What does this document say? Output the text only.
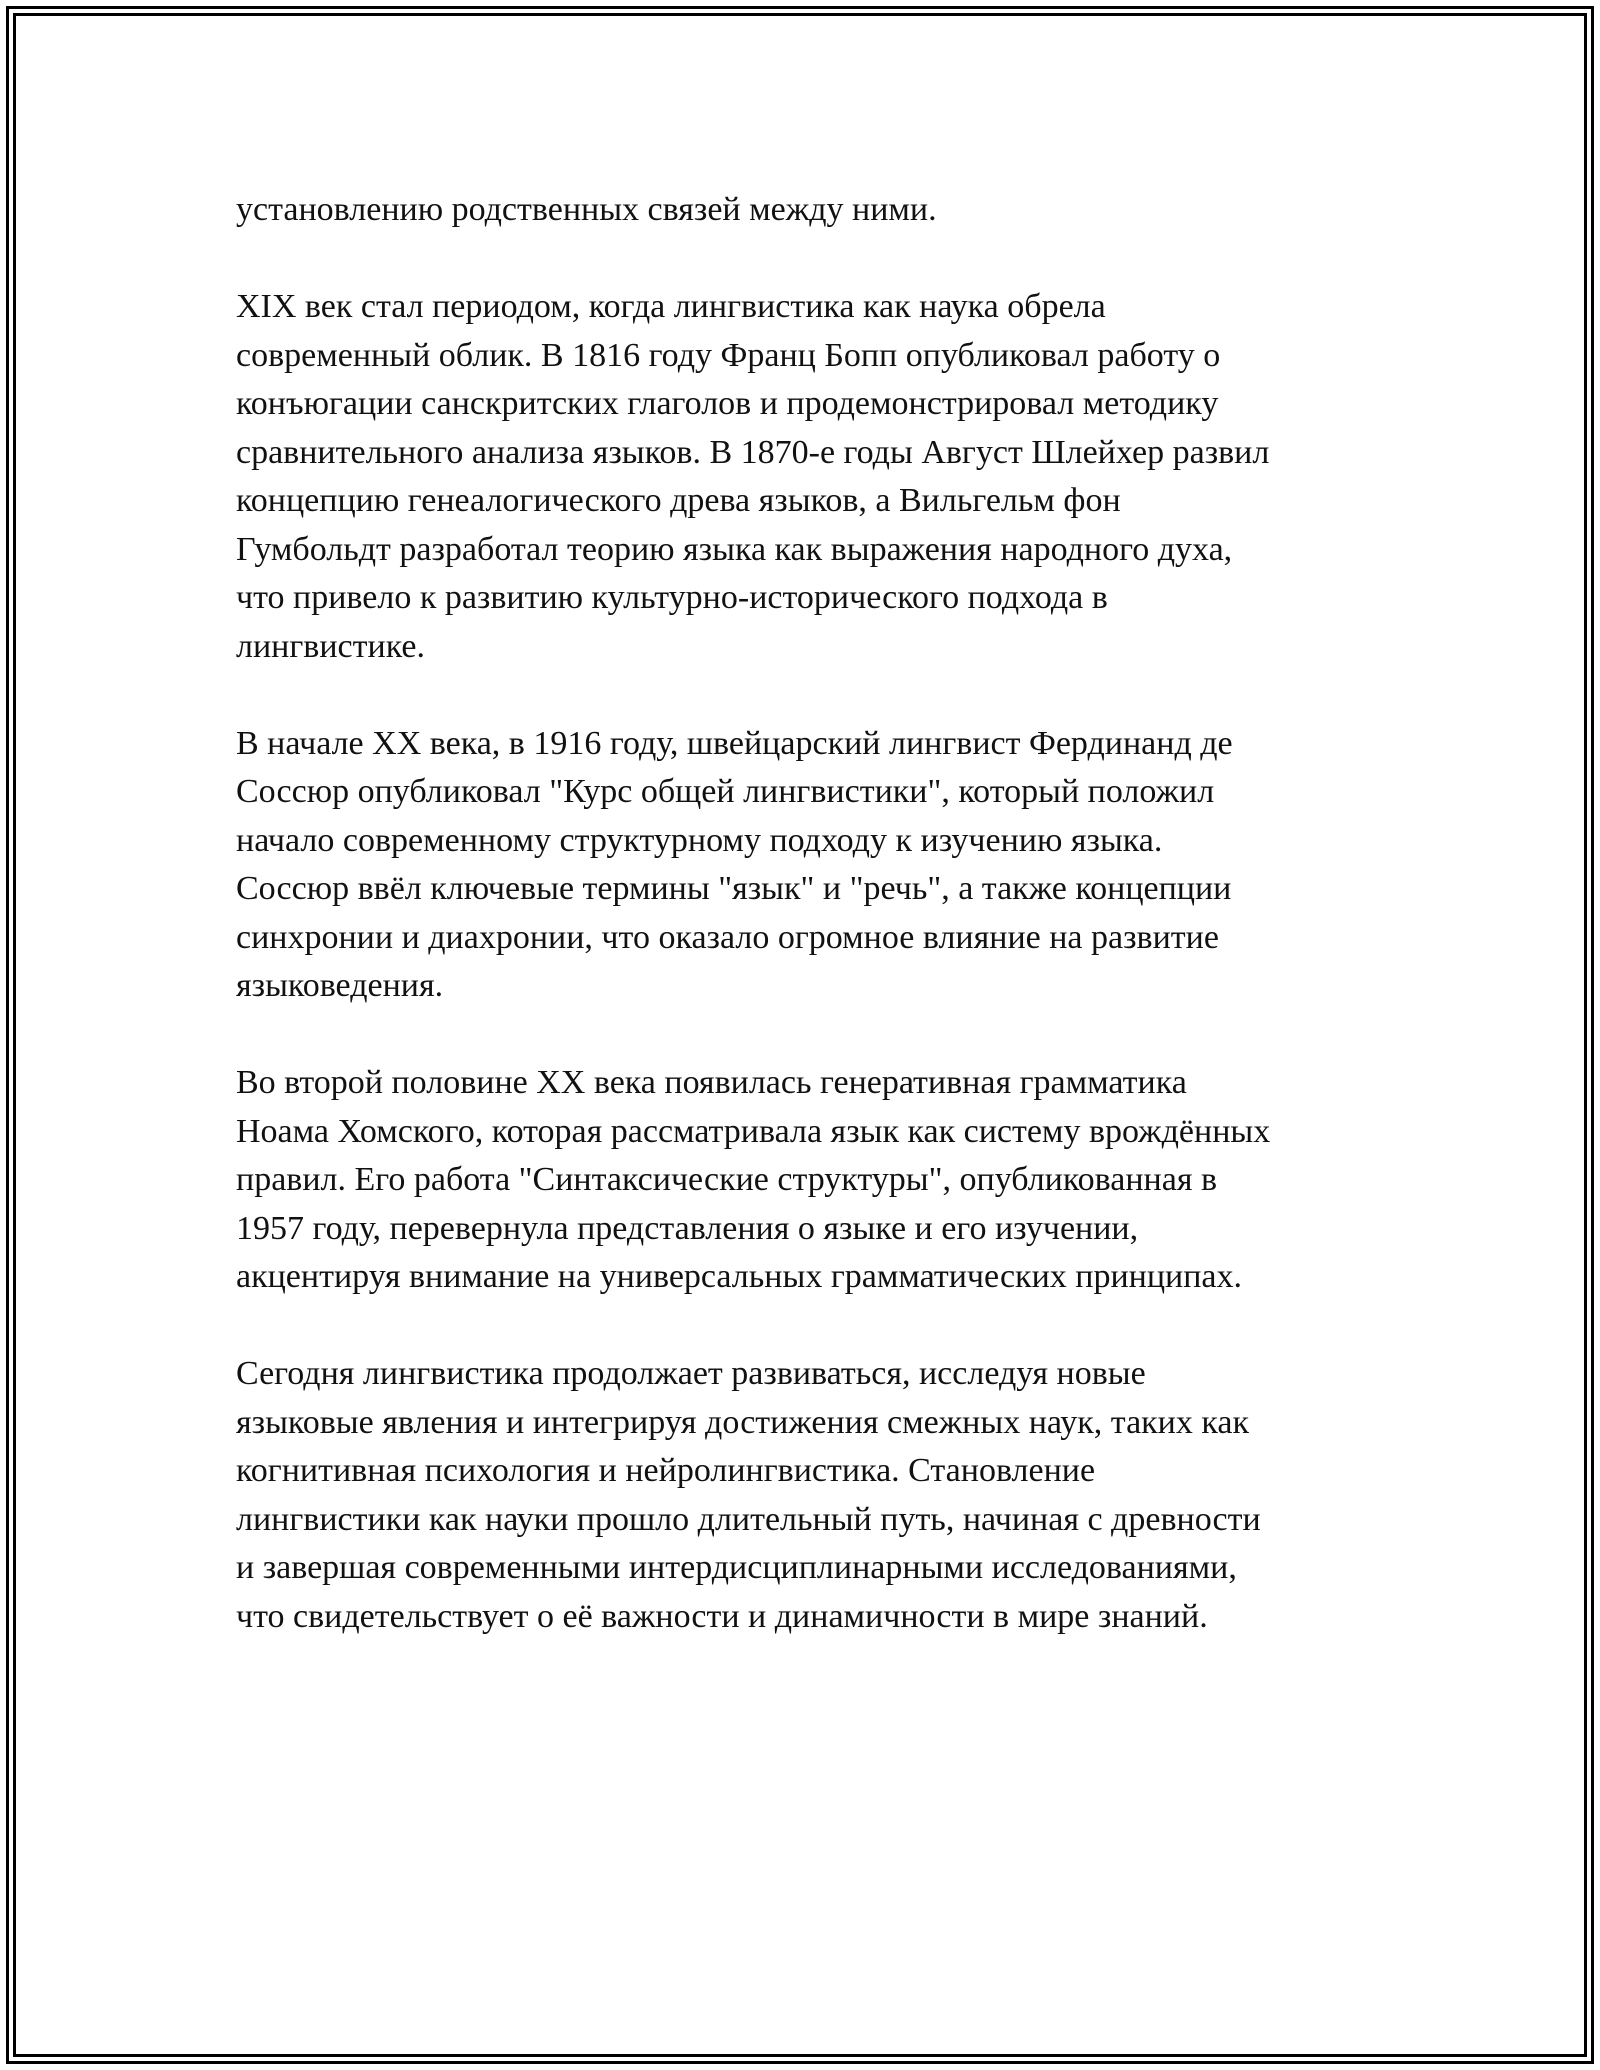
установлению родственных связей между ними.

XIX век стал периодом, когда лингвистика как наука обрела
современный облик. В 1816 году Франц Бопп опубликовал работу о
конъюгации санскритских глаголов и продемонстрировал методику
сравнительного анализа языков. В 1870-е годы Август Шлейхер развил
концепцию генеалогического древа языков, а Вильгельм фон
Гумбольдт разработал теорию языка как выражения народного духа,
что привело к развитию культурно-исторического подхода в
лингвистике.

В начале XX века, в 1916 году, швейцарский лингвист Фердинанд де
Соссюр опубликовал "Курс общей лингвистики", который положил
начало современному структурному подходу к изучению языка.
Соссюр ввёл ключевые термины "язык" и "речь", а также концепции
синхронии и диахронии, что оказало огромное влияние на развитие
языковедения.

Во второй половине XX века появилась генеративная грамматика
Ноама Хомского, которая рассматривала язык как систему врождённых
правил. Его работа "Синтаксические структуры", опубликованная в
1957 году, перевернула представления о языке и его изучении,
акцентируя внимание на универсальных грамматических принципах.

Сегодня лингвистика продолжает развиваться, исследуя новые
языковые явления и интегрируя достижения смежных наук, таких как
когнитивная психология и нейролингвистика. Становление
лингвистики как науки прошло длительный путь, начиная с древности
и завершая современными интердисциплинарными исследованиями,
что свидетельствует о её важности и динамичности в мире знаний.
